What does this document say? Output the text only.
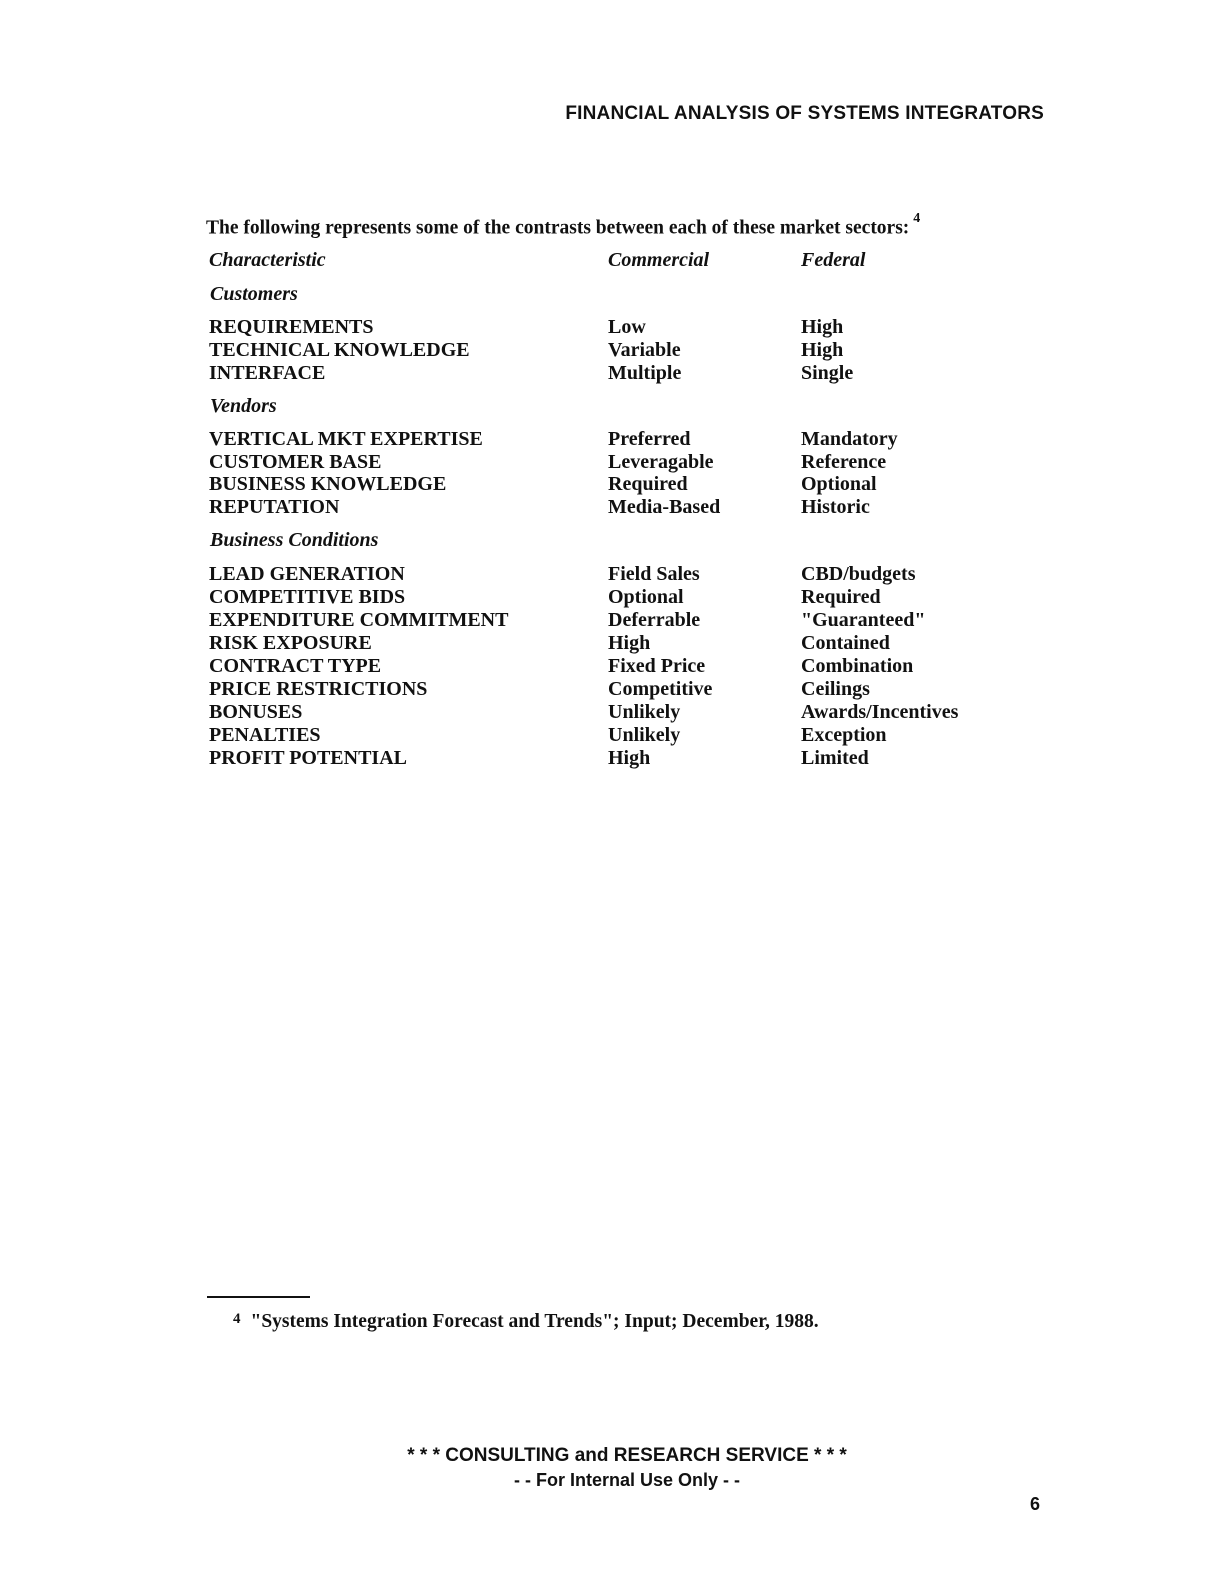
FINANCIAL ANALYSIS OF SYSTEMS INTEGRATORS
The following represents some of the contrasts between each of these market sectors: $^4$
Characteristic	Commercial	Federal
Customers
REQUIREMENTS	Low	High
TECHNICAL KNOWLEDGE	Variable	High
INTERFACE	Multiple	Single
Vendors
VERTICAL MKT EXPERTISE	Preferred	Mandatory
CUSTOMER BASE	Leveragable	Reference
BUSINESS KNOWLEDGE	Required	Optional
REPUTATION	Media-Based	Historic
Business Conditions
LEAD GENERATION	Field Sales	CBD/budgets
COMPETITIVE BIDS	Optional	Required
EXPENDITURE COMMITMENT	Deferrable	"Guaranteed"
RISK EXPOSURE	High	Contained
CONTRACT TYPE	Fixed Price	Combination
PRICE RESTRICTIONS	Competitive	Ceilings
BONUSES	Unlikely	Awards/Incentives
PENALTIES	Unlikely	Exception
PROFIT POTENTIAL	High	Limited
$^4$ "Systems Integration Forecast and Trends"; Input; December, 1988.
* * * CONSULTING and RESEARCH SERVICE * * *
- - For Internal Use Only - -
6
